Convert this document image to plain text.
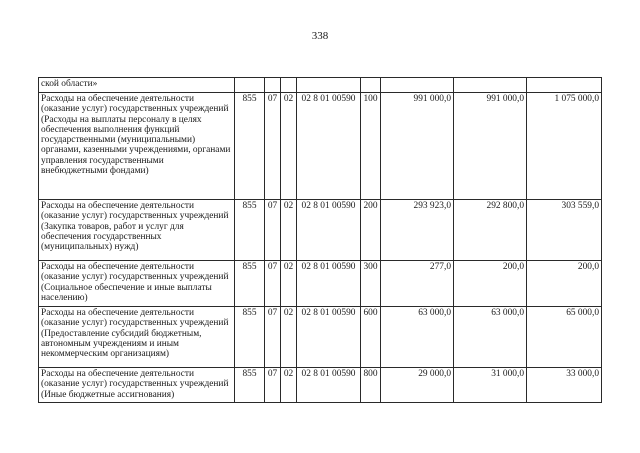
338
ской области»								
Расходы на обеспечение деятельности (оказание услуг) государственных учреждений (Расходы на выплаты персоналу в целях обеспечения выполнения функций государственными (муниципальными) органами, казенными учреждениями, органами управления государственными внебюджетными фондами)	855	07	02	02 8 01 00590	100	991 000,0	991 000,0	1 075 000,0
Расходы на обеспечение деятельности (оказание услуг) государственных учреждений (Закупка товаров, работ и услуг для обеспечения государственных (муниципальных) нужд)	855	07	02	02 8 01 00590	200	293 923,0	292 800,0	303 559,0
Расходы на обеспечение деятельности (оказание услуг) государственных учреждений (Социальное обеспечение и иные выплаты населению)	855	07	02	02 8 01 00590	300	277,0	200,0	200,0
Расходы на обеспечение деятельности (оказание услуг) государственных учреждений (Предоставление субсидий бюджетным, автономным учреждениям и иным некоммерческим организациям)	855	07	02	02 8 01 00590	600	63 000,0	63 000,0	65 000,0
Расходы на обеспечение деятельности (оказание услуг) государственных учреждений (Иные бюджетные ассигнования)	855	07	02	02 8 01 00590	800	29 000,0	31 000,0	33 000,0
